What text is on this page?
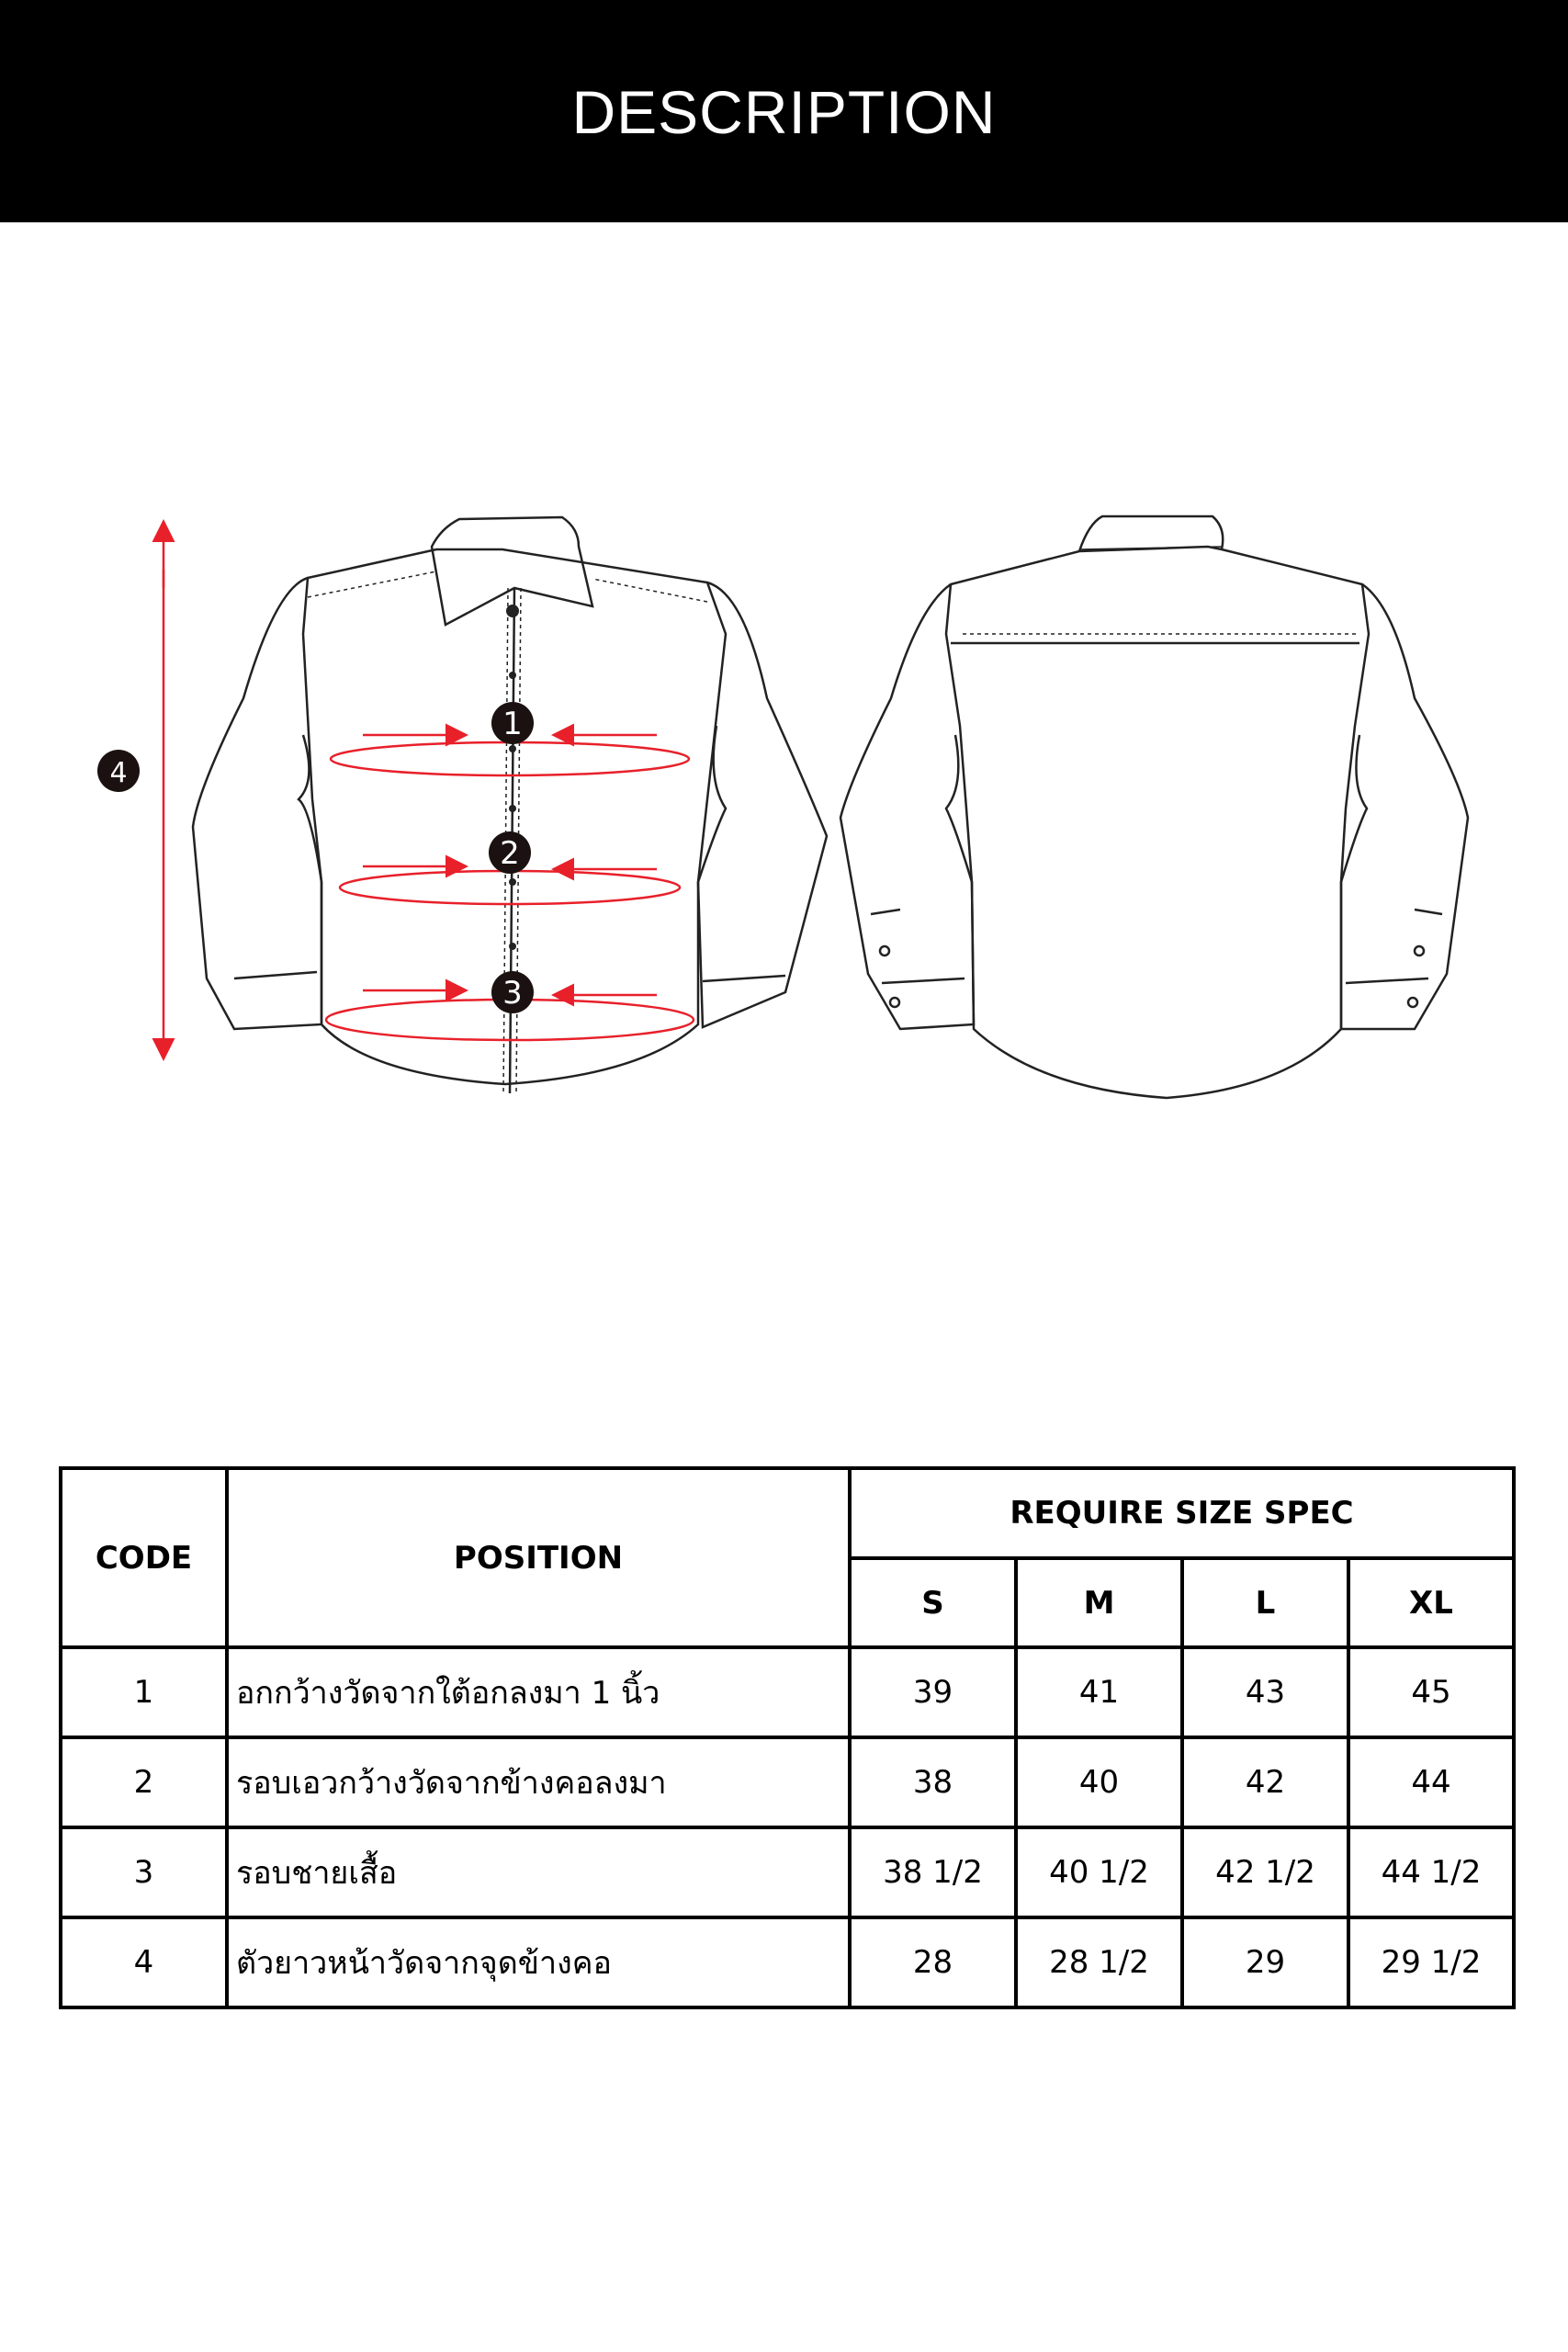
DESCRIPTION
1
2
3
4
CODE	POSITION	REQUIRE SIZE SPEC			
		S	M	L	XL
1	อกกว้างวัดจากใต้อกลงมา 1 นิ้ว	39	41	43	45
2	รอบเอวกว้างวัดจากข้างคอลงมา	38	40	42	44
3	รอบชายเสื้อ	38 1/2	40 1/2	42 1/2	44 1/2
4	ตัวยาวหน้าวัดจากจุดข้างคอ	28	28 1/2	29	29 1/2
